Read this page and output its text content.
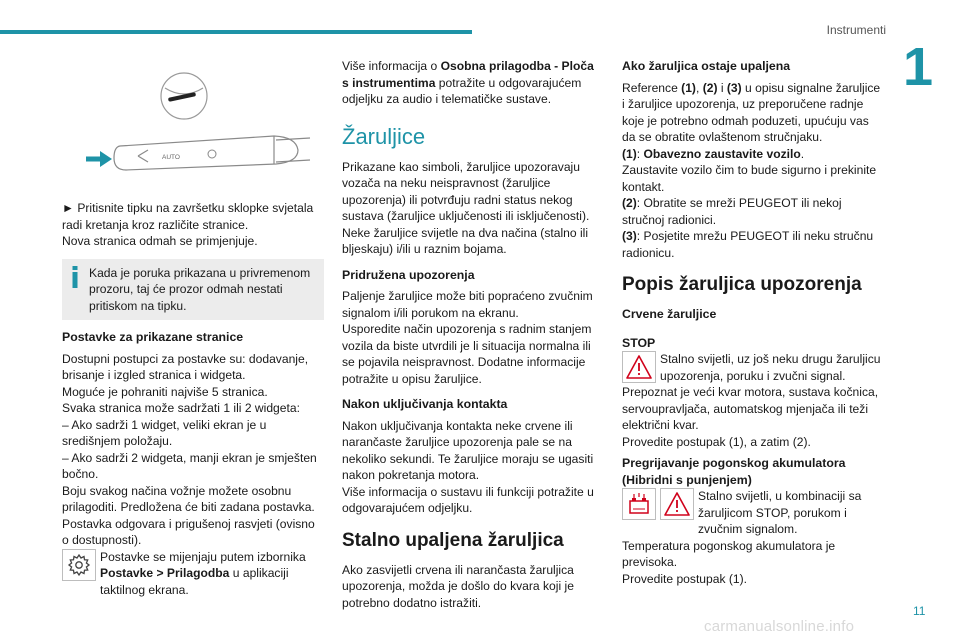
Instrumenti
1
AUTO

► Pritisnite tipku na završetku sklopke svjetala radi kretanja kroz različite stranice.

Nova stranica odmah se primjenjuje.

Kada je poruka prikazana u privremenom prozoru, taj će prozor odmah nestati pritiskom na tipku.

Postavke za prikazane stranice

Dostupni postupci za postavke su: dodavanje, brisanje i izgled stranica i widgeta.

Moguće je pohraniti najviše 5 stranica.

Svaka stranica može sadržati 1 ili 2 widgeta:

– Ako sadrži 1 widget, veliki ekran je u središnjem položaju.

– Ako sadrži 2 widgeta, manji ekran je smješten bočno.

Boju svakog načina vožnje možete osobnu prilagoditi. Predložena će biti zadana postavka.

Postavka odgovara i prigušenoj rasvjeti (ovisno o dostupnosti).

Postavke se mijenjaju putem izbornika Postavke > Prilagodba u aplikaciji taktilnog ekrana.

Više informacija o Osobna prilagodba - Ploča s instrumentima potražite u odgovarajućem odjeljku za audio i telematičke sustave.

Žaruljice

Prikazane kao simboli, žaruljice upozoravaju vozača na neku neispravnost (žaruljice upozorenja) ili potvrđuju radni status nekog sustava (žaruljice uključenosti ili isključenosti). Neke žaruljice svijetle na dva načina (stalno ili bljeskaju) i/ili u raznim bojama.

Pridružena upozorenja

Paljenje žaruljice može biti popraćeno zvučnim signalom i/ili porukom na ekranu.

Usporedite način upozorenja s radnim stanjem vozila da biste utvrdili je li situacija normalna ili se pojavila neispravnost. Dodatne informacije potražite u opisu žaruljice.

Nakon uključivanja kontakta

Nakon uključivanja kontakta neke crvene ili narančaste žaruljice upozorenja pale se na nekoliko sekundi. Te žaruljice moraju se ugasiti nakon pokretanja motora.

Više informacija o sustavu ili funkciji potražite u odgovarajućem odjeljku.

Stalno upaljena žaruljica

Ako zasvijetli crvena ili narančasta žaruljica upozorenja, možda je došlo do kvara koji je potrebno dodatno istražiti.

Ako žaruljica ostaje upaljena

Reference (1), (2) i (3) u opisu signalne žaruljice i žaruljice upozorenja, uz preporučene radnje koje je potrebno odmah poduzeti, upućuju vas da se obratite ovlaštenom stručnjaku.

(1): Obavezno zaustavite vozilo.

Zaustavite vozilo čim to bude sigurno i prekinite kontakt.

(2): Obratite se mreži PEUGEOT ili nekoj stručnoj radionici.

(3): Posjetite mrežu PEUGEOT ili neku stručnu radionicu.

Popis žaruljica upozorenja

Crvene žaruljice

STOP

Stalno svijetli, uz još neku drugu žaruljicu upozorenja, poruku i zvučni signal.

Prepoznat je veći kvar motora, sustava kočnica, servoupravljača, automatskog mjenjača ili teži električni kvar.

Provedite postupak (1), a zatim (2).

Pregrijavanje pogonskog akumulatora (Hibridni s punjenjem)

Stalno svijetli, u kombinaciji sa žaruljicom STOP, porukom i zvučnim signalom.

Temperatura pogonskog akumulatora je previsoka.

Provedite postupak (1).

11
carmanualsonline.info
